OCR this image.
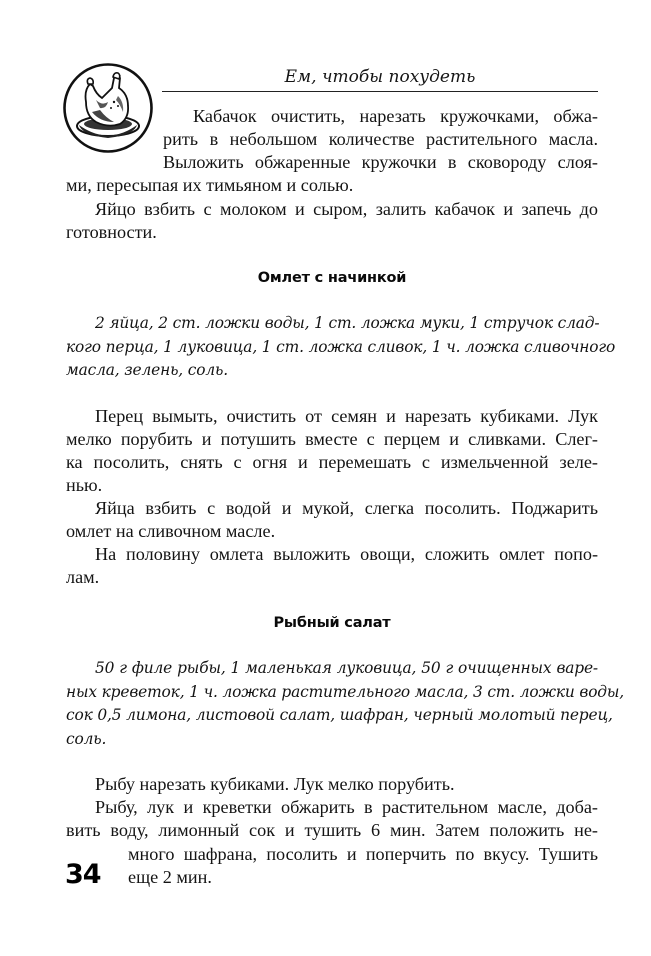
Ем, чтобы похудеть
Кабачок очистить, нарезать кружочками, обжа-
рить в небольшом количестве растительного масла.
Выложить обжаренные кружочки в сковороду слоя-
ми, пересыпая их тимьяном и солью.
Яйцо взбить с молоком и сыром, залить кабачок и запечь до
готовности.
Омлет с начинкой
2 яйца, 2 ст. ложки воды, 1 ст. ложка муки, 1 стручок слад-
кого перца, 1 луковица, 1 ст. ложка сливок, 1 ч. ложка сливочного
масла, зелень, соль.
Перец вымыть, очистить от семян и нарезать кубиками. Лук
мелко порубить и потушить вместе с перцем и сливками. Слег-
ка посолить, снять с огня и перемешать с измельченной зеле-
нью.
Яйца взбить с водой и мукой, слегка посолить. Поджарить
омлет на сливочном масле.
На половину омлета выложить овощи, сложить омлет попо-
лам.
Рыбный салат
50 г филе рыбы, 1 маленькая луковица, 50 г очищенных варе-
ных креветок, 1 ч. ложка растительного масла, 3 ст. ложки воды,
сок 0,5 лимона, листовой салат, шафран, черный молотый перец,
соль.
Рыбу нарезать кубиками. Лук мелко порубить.
Рыбу, лук и креветки обжарить в растительном масле, доба-
вить воду, лимонный сок и тушить 6 мин. Затем положить не-
много шафрана, посолить и поперчить по вкусу. Тушить
еще 2 мин.
34
